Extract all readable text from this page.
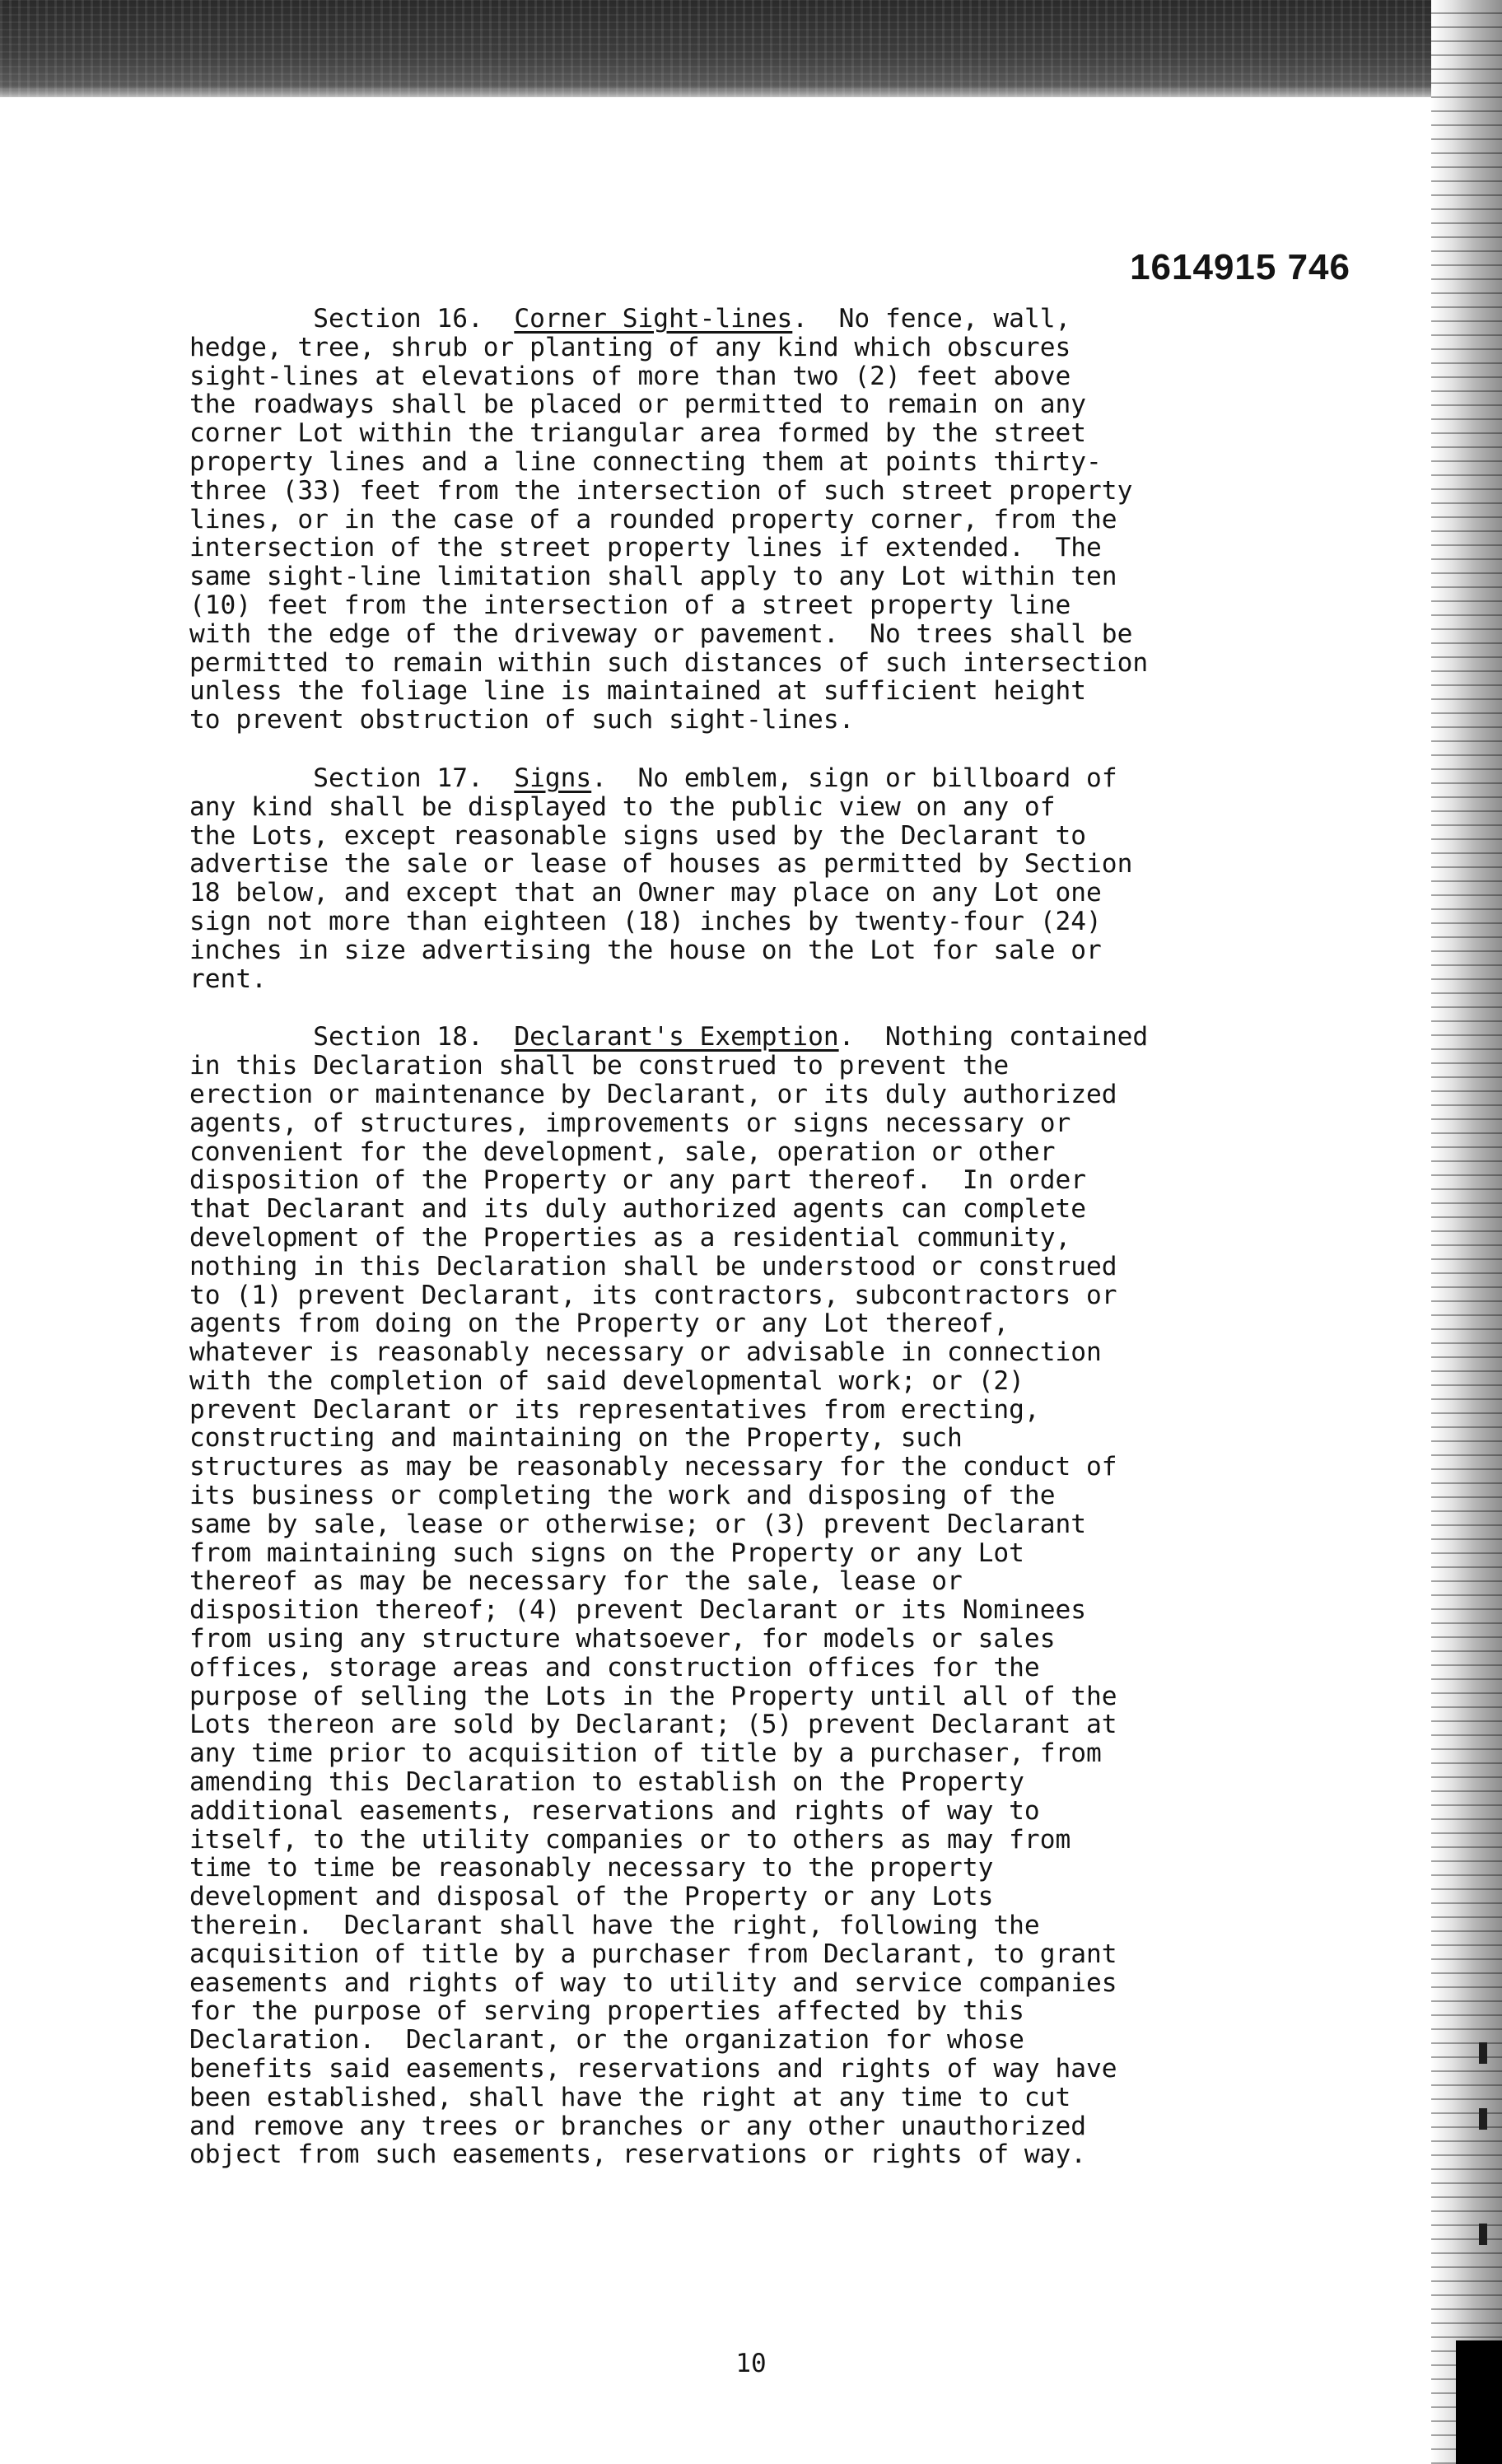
1614915 746
Section 16.  Corner Sight-lines.  No fence, wall,
hedge, tree, shrub or planting of any kind which obscures
sight-lines at elevations of more than two (2) feet above
the roadways shall be placed or permitted to remain on any
corner Lot within the triangular area formed by the street
property lines and a line connecting them at points thirty-
three (33) feet from the intersection of such street property
lines, or in the case of a rounded property corner, from the
intersection of the street property lines if extended.  The
same sight-line limitation shall apply to any Lot within ten
(10) feet from the intersection of a street property line
with the edge of the driveway or pavement.  No trees shall be
permitted to remain within such distances of such intersection
unless the foliage line is maintained at sufficient height
to prevent obstruction of such sight-lines.
Section 17.  Signs.  No emblem, sign or billboard of
any kind shall be displayed to the public view on any of
the Lots, except reasonable signs used by the Declarant to
advertise the sale or lease of houses as permitted by Section
18 below, and except that an Owner may place on any Lot one
sign not more than eighteen (18) inches by twenty-four (24)
inches in size advertising the house on the Lot for sale or
rent.
Section 18.  Declarant's Exemption.  Nothing contained
in this Declaration shall be construed to prevent the
erection or maintenance by Declarant, or its duly authorized
agents, of structures, improvements or signs necessary or
convenient for the development, sale, operation or other
disposition of the Property or any part thereof.  In order
that Declarant and its duly authorized agents can complete
development of the Properties as a residential community,
nothing in this Declaration shall be understood or construed
to (1) prevent Declarant, its contractors, subcontractors or
agents from doing on the Property or any Lot thereof,
whatever is reasonably necessary or advisable in connection
with the completion of said developmental work; or (2)
prevent Declarant or its representatives from erecting,
constructing and maintaining on the Property, such
structures as may be reasonably necessary for the conduct of
its business or completing the work and disposing of the
same by sale, lease or otherwise; or (3) prevent Declarant
from maintaining such signs on the Property or any Lot
thereof as may be necessary for the sale, lease or
disposition thereof; (4) prevent Declarant or its Nominees
from using any structure whatsoever, for models or sales
offices, storage areas and construction offices for the
purpose of selling the Lots in the Property until all of the
Lots thereon are sold by Declarant; (5) prevent Declarant at
any time prior to acquisition of title by a purchaser, from
amending this Declaration to establish on the Property
additional easements, reservations and rights of way to
itself, to the utility companies or to others as may from
time to time be reasonably necessary to the property
development and disposal of the Property or any Lots
therein.  Declarant shall have the right, following the
acquisition of title by a purchaser from Declarant, to grant
easements and rights of way to utility and service companies
for the purpose of serving properties affected by this
Declaration.  Declarant, or the organization for whose
benefits said easements, reservations and rights of way have
been established, shall have the right at any time to cut
and remove any trees or branches or any other unauthorized
object from such easements, reservations or rights of way.
10
